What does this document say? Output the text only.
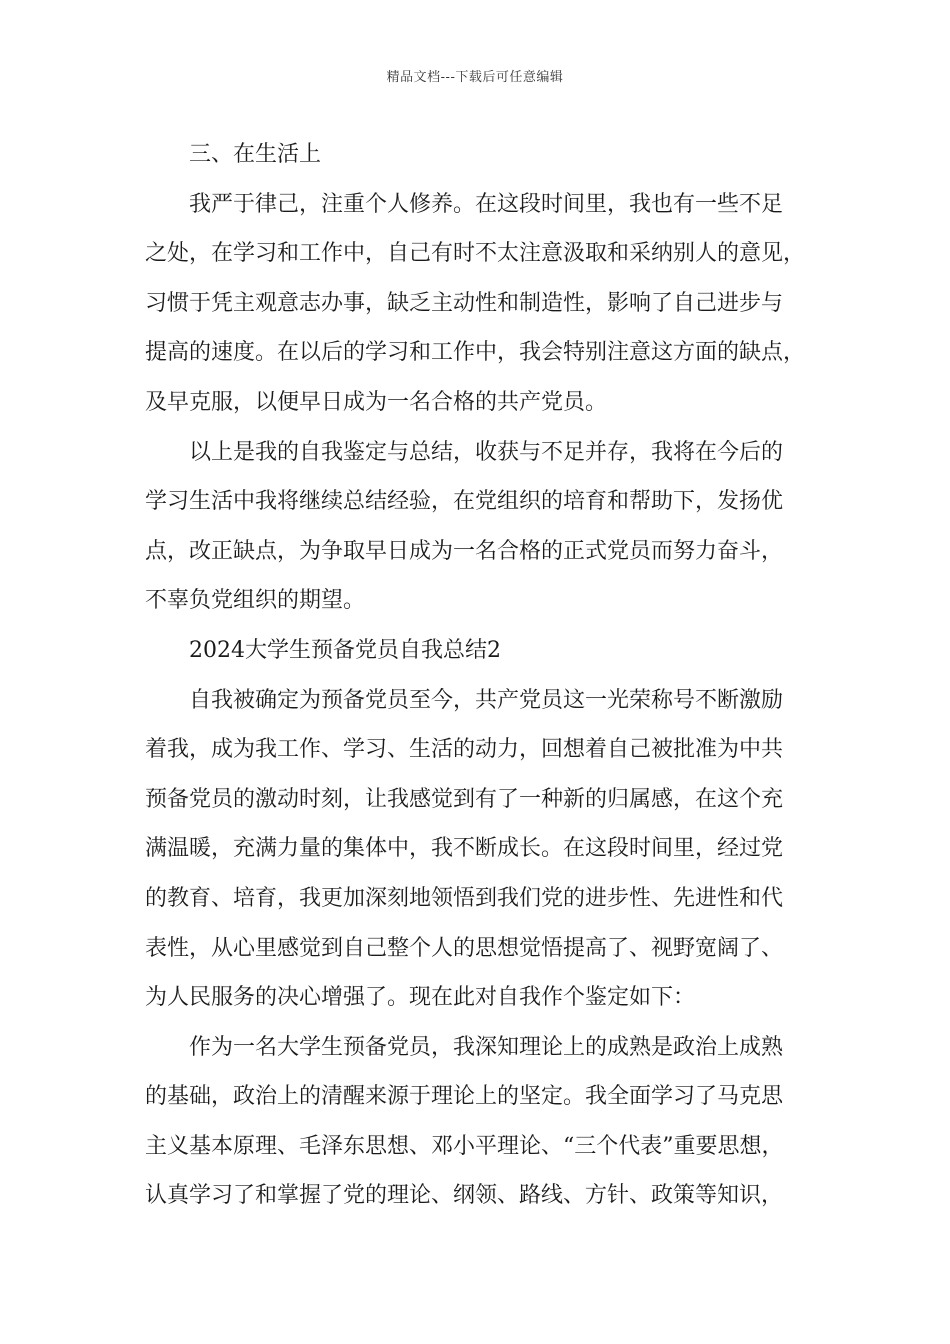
精品文档---下载后可任意编辑
三、在生活上
我严于律己，注重个人修养。在这段时间里，我也有一些不足
之处，在学习和工作中，自己有时不太注意汲取和采纳别人的意见，
习惯于凭主观意志办事，缺乏主动性和制造性，影响了自己进步与
提高的速度。在以后的学习和工作中，我会特别注意这方面的缺点，
及早克服，以便早日成为一名合格的共产党员。
以上是我的自我鉴定与总结，收获与不足并存，我将在今后的
学习生活中我将继续总结经验，在党组织的培育和帮助下，发扬优
点，改正缺点，为争取早日成为一名合格的正式党员而努力奋斗，
不辜负党组织的期望。
2024大学生预备党员自我总结2
自我被确定为预备党员至今，共产党员这一光荣称号不断激励
着我，成为我工作、学习、生活的动力，回想着自己被批准为中共
预备党员的激动时刻，让我感觉到有了一种新的归属感，在这个充
满温暖，充满力量的集体中，我不断成长。在这段时间里，经过党
的教育、培育，我更加深刻地领悟到我们党的进步性、先进性和代
表性，从心里感觉到自己整个人的思想觉悟提高了、视野宽阔了、
为人民服务的决心增强了。现在此对自我作个鉴定如下：
作为一名大学生预备党员，我深知理论上的成熟是政治上成熟
的基础，政治上的清醒来源于理论上的坚定。我全面学习了马克思
主义基本原理、毛泽东思想、邓小平理论、“三个代表”重要思想，
认真学习了和掌握了党的理论、纲领、路线、方针、政策等知识，
